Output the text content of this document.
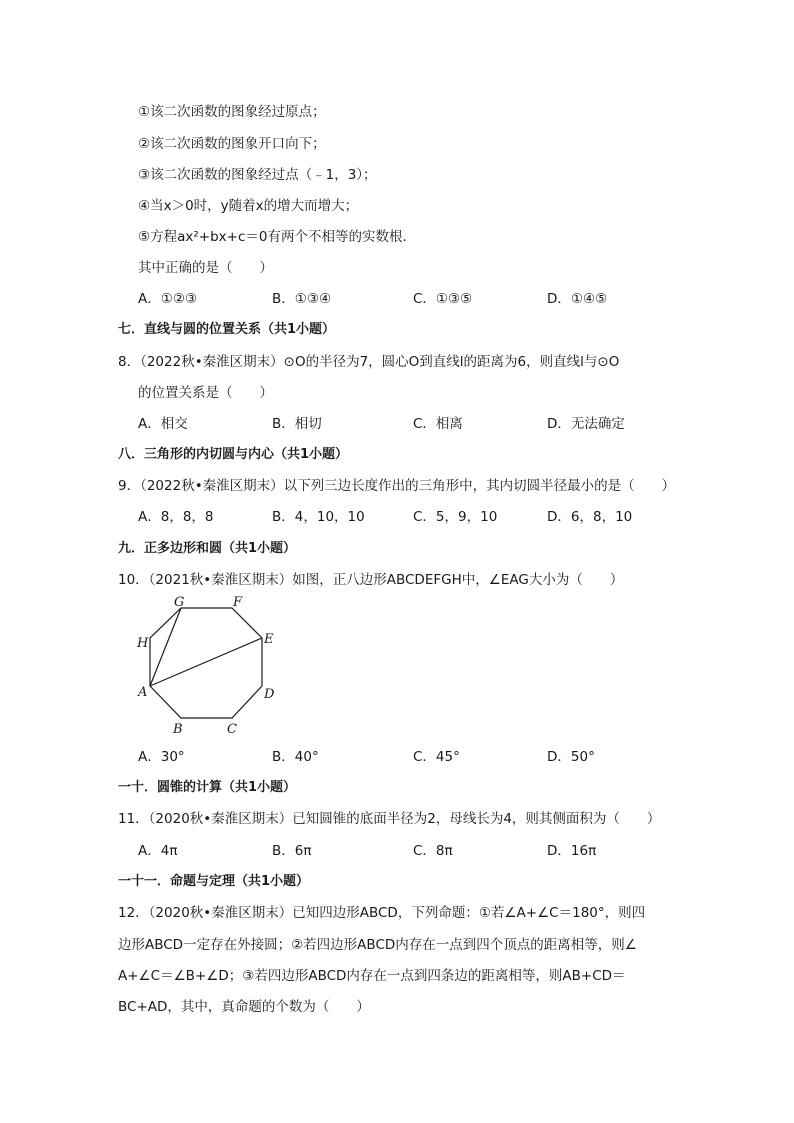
①该二次函数的图象经过原点；
②该二次函数的图象开口向下；
③该二次函数的图象经过点（﹣1，3）；
④当x＞0时，y随着x的增大而增大；
⑤方程ax²+bx+c＝0有两个不相等的实数根．
其中正确的是（　　）
A．①②③	B．①③④	C．①③⑤	D．①④⑤
七．直线与圆的位置关系（共1小题）
8．（2022秋•秦淮区期末）⊙O的半径为7，圆心O到直线l的距离为6，则直线l与⊙O
的位置关系是（　　）
A．相交	B．相切	C．相离	D．无法确定
八．三角形的内切圆与内心（共1小题）
9．（2022秋•秦淮区期末）以下列三边长度作出的三角形中，其内切圆半径最小的是（　　）
A．8，8，8	B．4，10，10	C．5，9，10	D．6，8，10
九．正多边形和圆（共1小题）
10．（2021秋•秦淮区期末）如图，正八边形ABCDEFGH中，∠EAG大小为（　　）
G	F
E
H
A	D
B	C
A．30°	B．40°	C．45°	D．50°
一十．圆锥的计算（共1小题）
11．（2020秋•秦淮区期末）已知圆锥的底面半径为2，母线长为4，则其侧面积为（　　）
A．4π	B．6π	C．8π	D．16π
一十一．命题与定理（共1小题）
12．（2020秋•秦淮区期末）已知四边形ABCD，下列命题：①若∠A+∠C＝180°，则四
边形ABCD一定存在外接圆；②若四边形ABCD内存在一点到四个顶点的距离相等，则∠
A+∠C＝∠B+∠D；③若四边形ABCD内存在一点到四条边的距离相等，则AB+CD＝
BC+AD，其中，真命题的个数为（　　）
